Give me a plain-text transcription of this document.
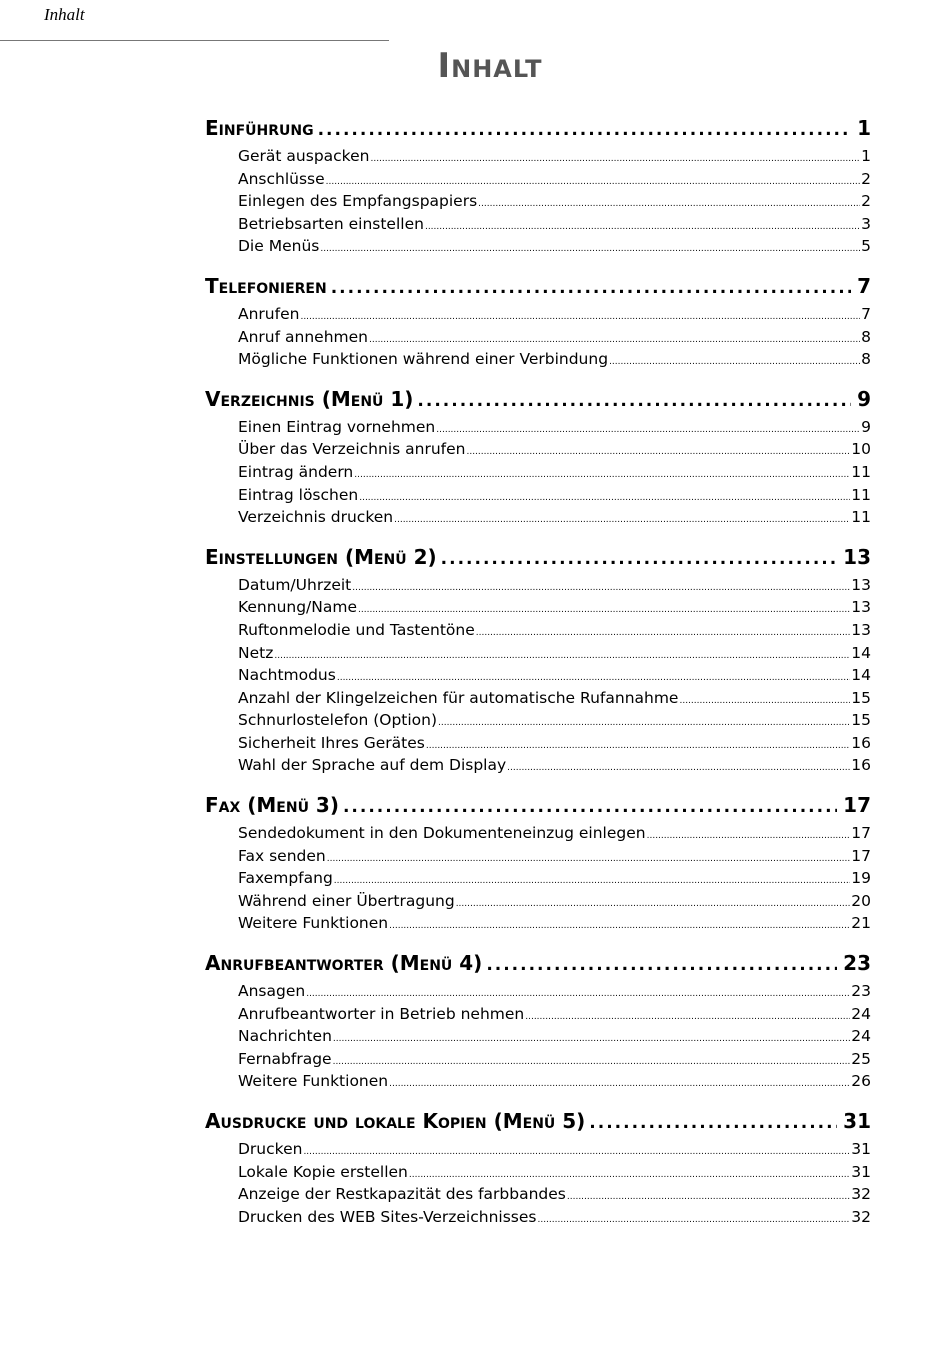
Inhalt
Inhalt
Einführung .....	1
Gerät auspacken .....	1
Anschlüsse .....	2
Einlegen des Empfangspapiers .....	2
Betriebsarten einstellen .....	3
Die Menüs .....	5
Telefonieren .....	7
Anrufen .....	7
Anruf annehmen .....	8
Mögliche Funktionen während einer Verbindung .....	8
Verzeichnis (Menü 1) .....	9
Einen Eintrag vornehmen .....	9
Über das Verzeichnis anrufen .....	10
Eintrag ändern .....	11
Eintrag löschen .....	11
Verzeichnis drucken .....	11
Einstellungen (Menü 2) .....	13
Datum/Uhrzeit .....	13
Kennung/Name .....	13
Ruftonmelodie und Tastentöne .....	13
Netz .....	14
Nachtmodus .....	14
Anzahl der Klingelzeichen für automatische Rufannahme .....	15
Schnurlostelefon (Option) .....	15
Sicherheit Ihres Gerätes .....	16
Wahl der Sprache auf dem Display .....	16
Fax (Menü 3) .....	17
Sendedokument in den Dokumenteneinzug einlegen .....	17
Fax senden .....	17
Faxempfang .....	19
Während einer Übertragung .....	20
Weitere Funktionen .....	21
Anrufbeantworter (Menü 4) .....	23
Ansagen .....	23
Anrufbeantworter in Betrieb nehmen .....	24
Nachrichten .....	24
Fernabfrage .....	25
Weitere Funktionen .....	26
Ausdrucke und lokale Kopien (Menü 5) .....	31
Drucken .....	31
Lokale Kopie erstellen .....	31
Anzeige der Restkapazität des farbbandes .....	32
Drucken des WEB Sites-Verzeichnisses .....	32
